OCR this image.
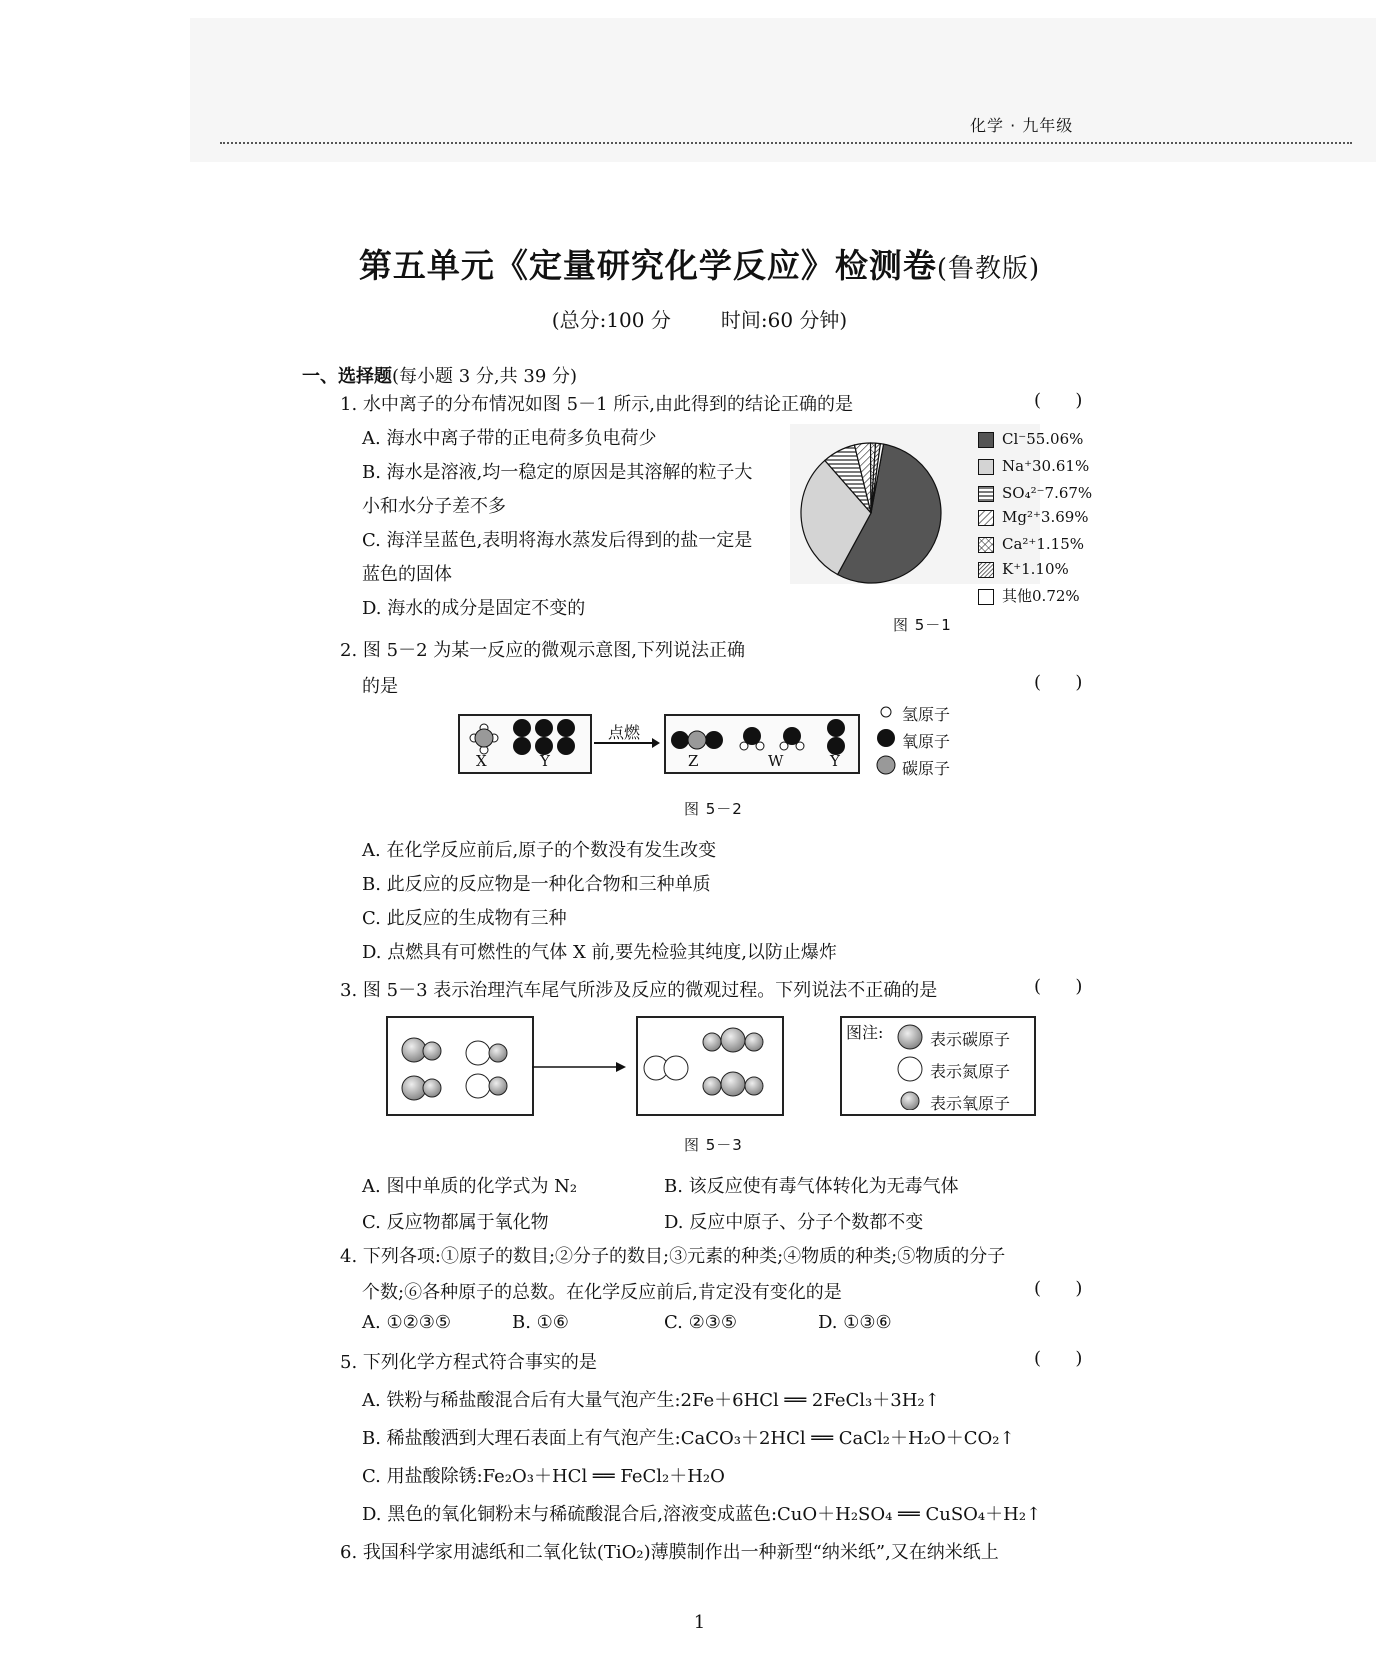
化学 · 九年级
第五单元《定量研究化学反应》检测卷(鲁教版)
(总分:100 分	时间:60 分钟)
一、选择题(每小题 3 分,共 39 分)
1. 水中离子的分布情况如图 5－1 所示,由此得到的结论正确的是	(      )
A. 海水中离子带的正电荷多负电荷少
B. 海水是溶液,均一稳定的原因是其溶解的粒子大
小和水分子差不多
C. 海洋呈蓝色,表明将海水蒸发后得到的盐一定是
蓝色的固体
D. 海水的成分是固定不变的
Cl⁻55.06%
Na⁺30.61%
SO₄²⁻7.67%
Mg²⁺3.69%
Ca²⁺1.15%
K⁺1.10%
其他0.72%
图 5－1
2. 图 5－2 为某一反应的微观示意图,下列说法正确
的是	(      )
X	Y
点燃
Z	W	Y
氢原子
氧原子
碳原子
图 5－2
A. 在化学反应前后,原子的个数没有发生改变
B. 此反应的反应物是一种化合物和三种单质
C. 此反应的生成物有三种
D. 点燃具有可燃性的气体 X 前,要先检验其纯度,以防止爆炸
3. 图 5－3 表示治理汽车尾气所涉及反应的微观过程。下列说法不正确的是	(      )
图注:	表示碳原子
表示氮原子
表示氧原子
图 5－3
A. 图中单质的化学式为 N₂	B. 该反应使有毒气体转化为无毒气体
C. 反应物都属于氧化物	D. 反应中原子、分子个数都不变
4. 下列各项:①原子的数目;②分子的数目;③元素的种类;④物质的种类;⑤物质的分子
个数;⑥各种原子的总数。在化学反应前后,肯定没有变化的是	(      )
A. ①②③⑤	B. ①⑥	C. ②③⑤	D. ①③⑥
5. 下列化学方程式符合事实的是	(      )
A. 铁粉与稀盐酸混合后有大量气泡产生:2Fe＋6HCl ══ 2FeCl₃＋3H₂↑
B. 稀盐酸洒到大理石表面上有气泡产生:CaCO₃＋2HCl ══ CaCl₂＋H₂O＋CO₂↑
C. 用盐酸除锈:Fe₂O₃＋HCl ══ FeCl₂＋H₂O
D. 黑色的氧化铜粉末与稀硫酸混合后,溶液变成蓝色:CuO＋H₂SO₄ ══ CuSO₄＋H₂↑
6. 我国科学家用滤纸和二氧化钛(TiO₂)薄膜制作出一种新型“纳米纸”,又在纳米纸上
1
